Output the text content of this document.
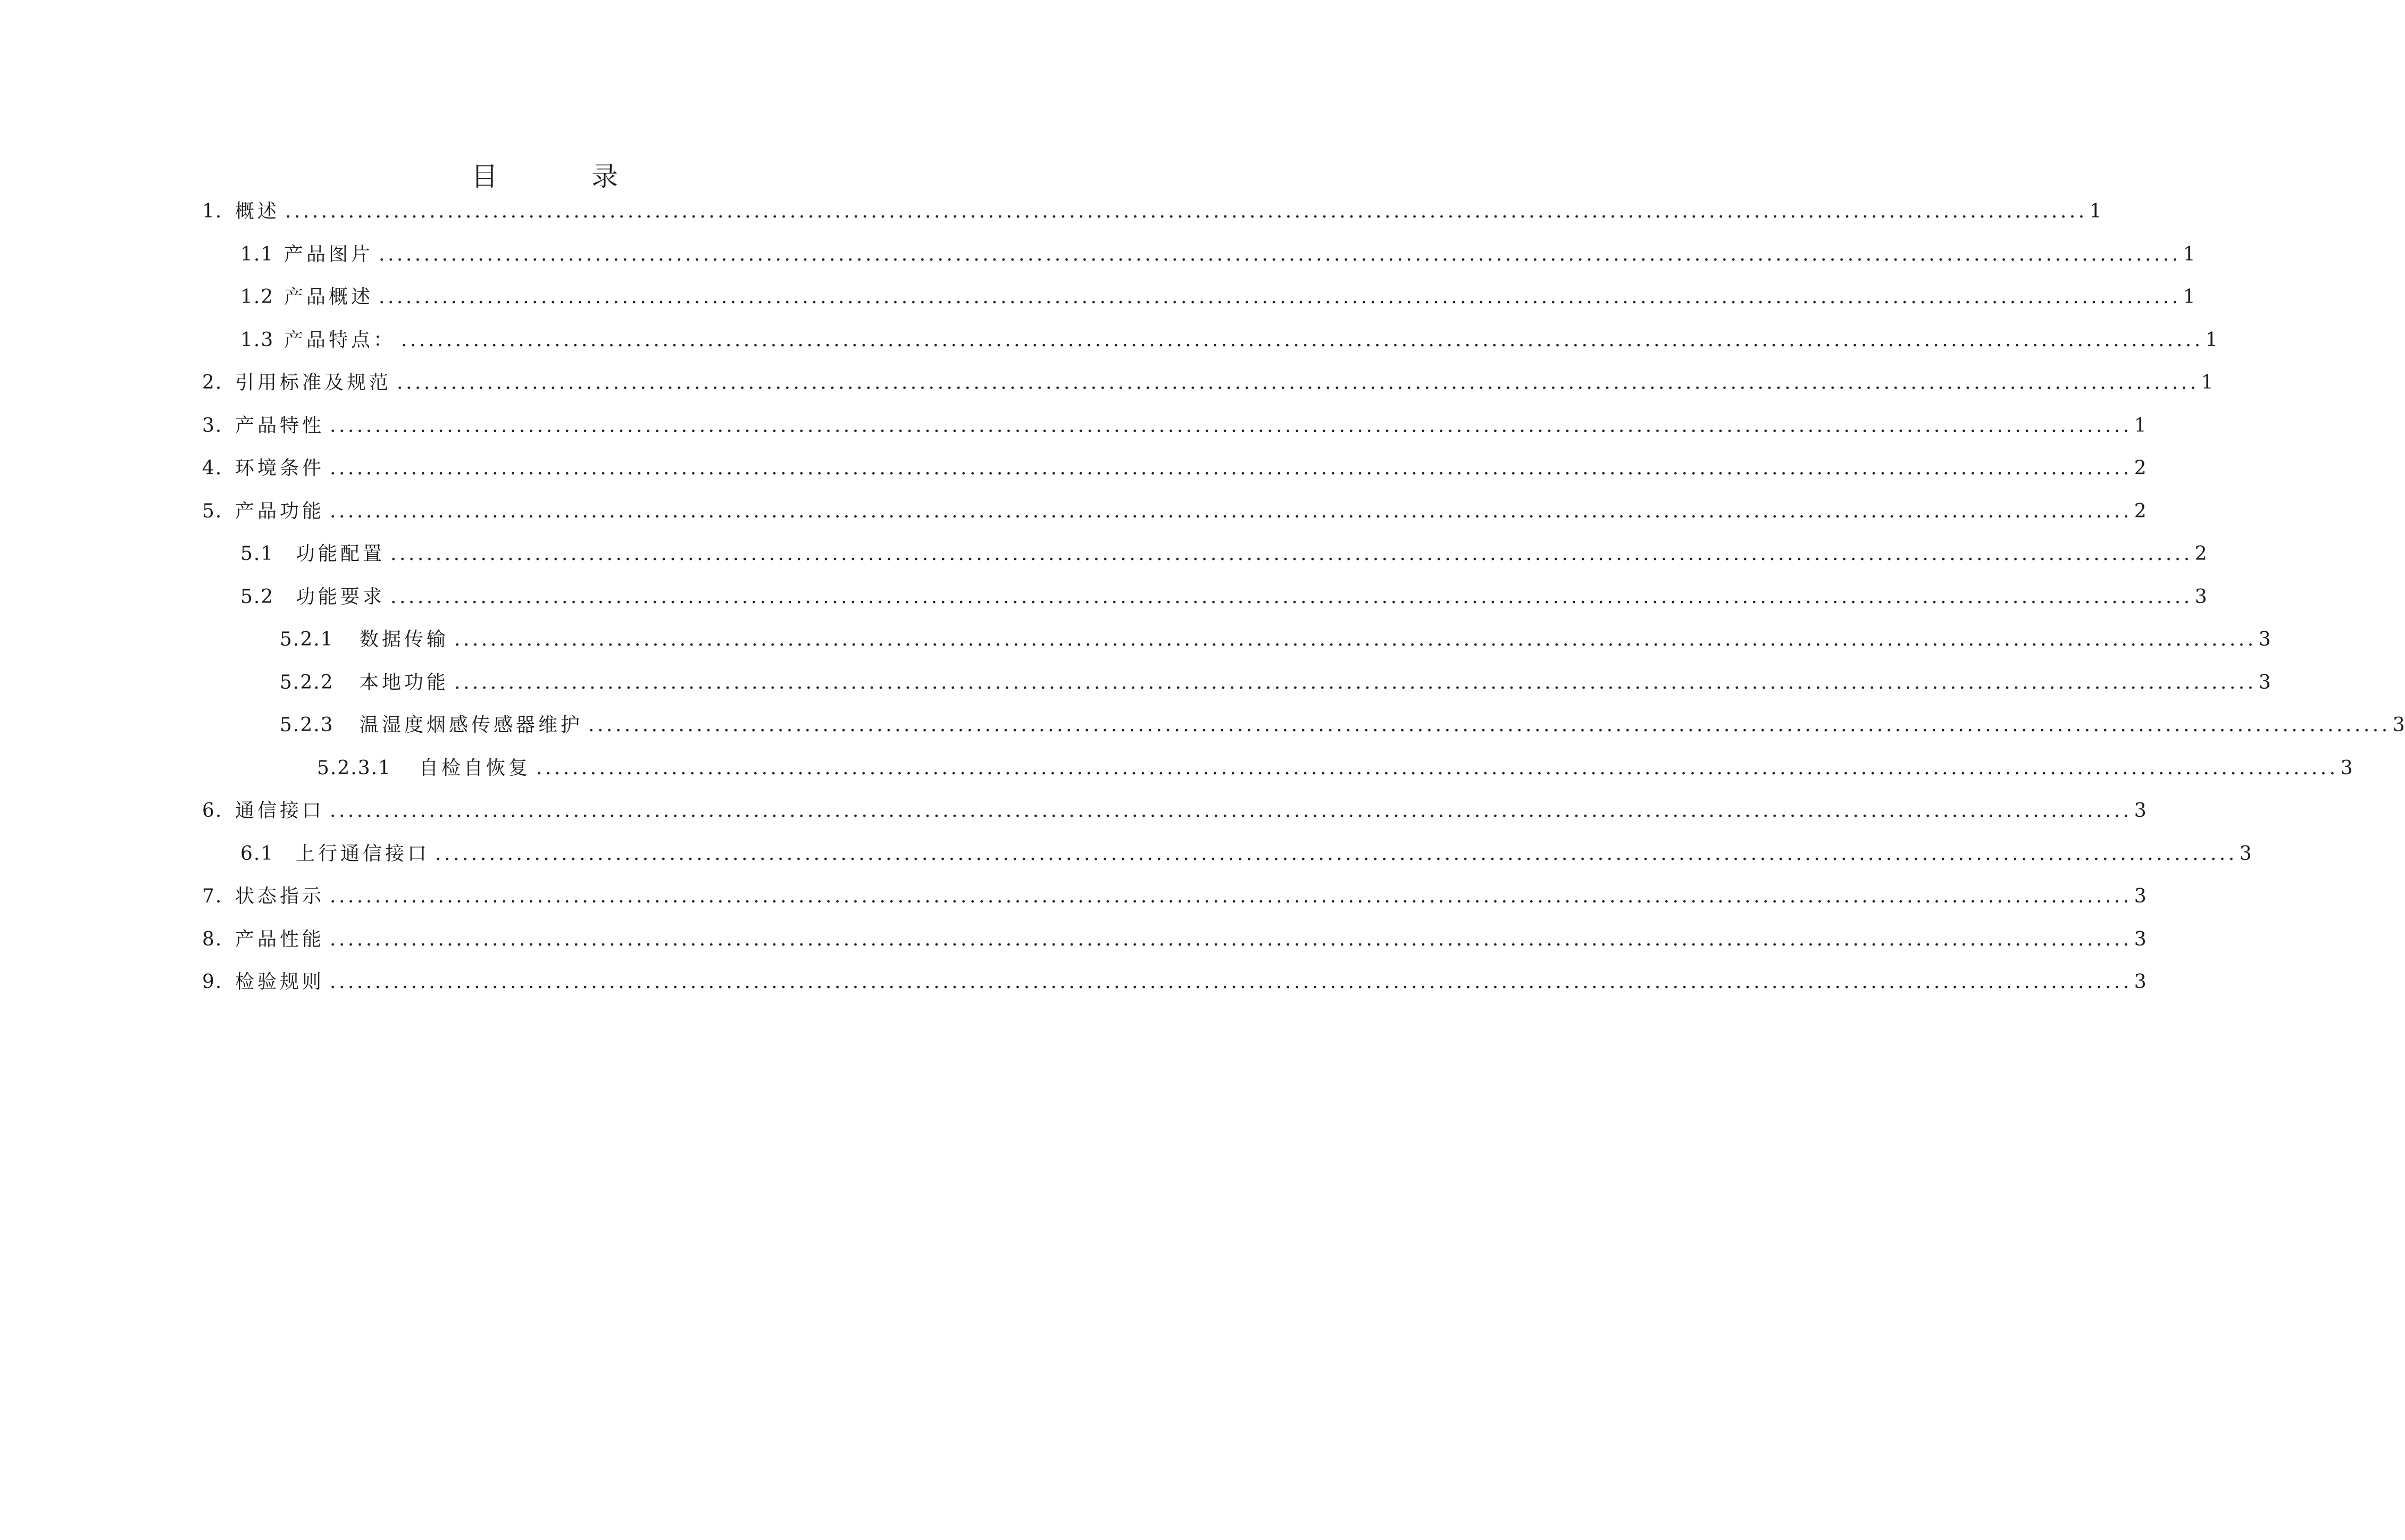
目 录
1. 概述 ........................................................................................................................................................................................................ 1
1.1 产品图片 ........................................................................................................................................................................................................ 1
1.2 产品概述 ........................................................................................................................................................................................................ 1
1.3 产品特点： ........................................................................................................................................................................................................ 1
2. 引用标准及规范 ........................................................................................................................................................................................................ 1
3. 产品特性 ........................................................................................................................................................................................................ 1
4. 环境条件 ........................................................................................................................................................................................................ 2
5. 产品功能 ........................................................................................................................................................................................................ 2
5.1	功能配置 ........................................................................................................................................................................................................ 2
5.2	功能要求 ........................................................................................................................................................................................................ 3
5.2.1	数据传输 ........................................................................................................................................................................................................ 3
5.2.2	本地功能 ........................................................................................................................................................................................................ 3
5.2.3	温湿度烟感传感器维护 ........................................................................................................................................................................................................ 3
5.2.3.1	自检自恢复 ........................................................................................................................................................................................................ 3
6. 通信接口 ........................................................................................................................................................................................................ 3
6.1	上行通信接口 ........................................................................................................................................................................................................ 3
7. 状态指示 ........................................................................................................................................................................................................ 3
8. 产品性能 ........................................................................................................................................................................................................ 3
9. 检验规则 ........................................................................................................................................................................................................ 3
